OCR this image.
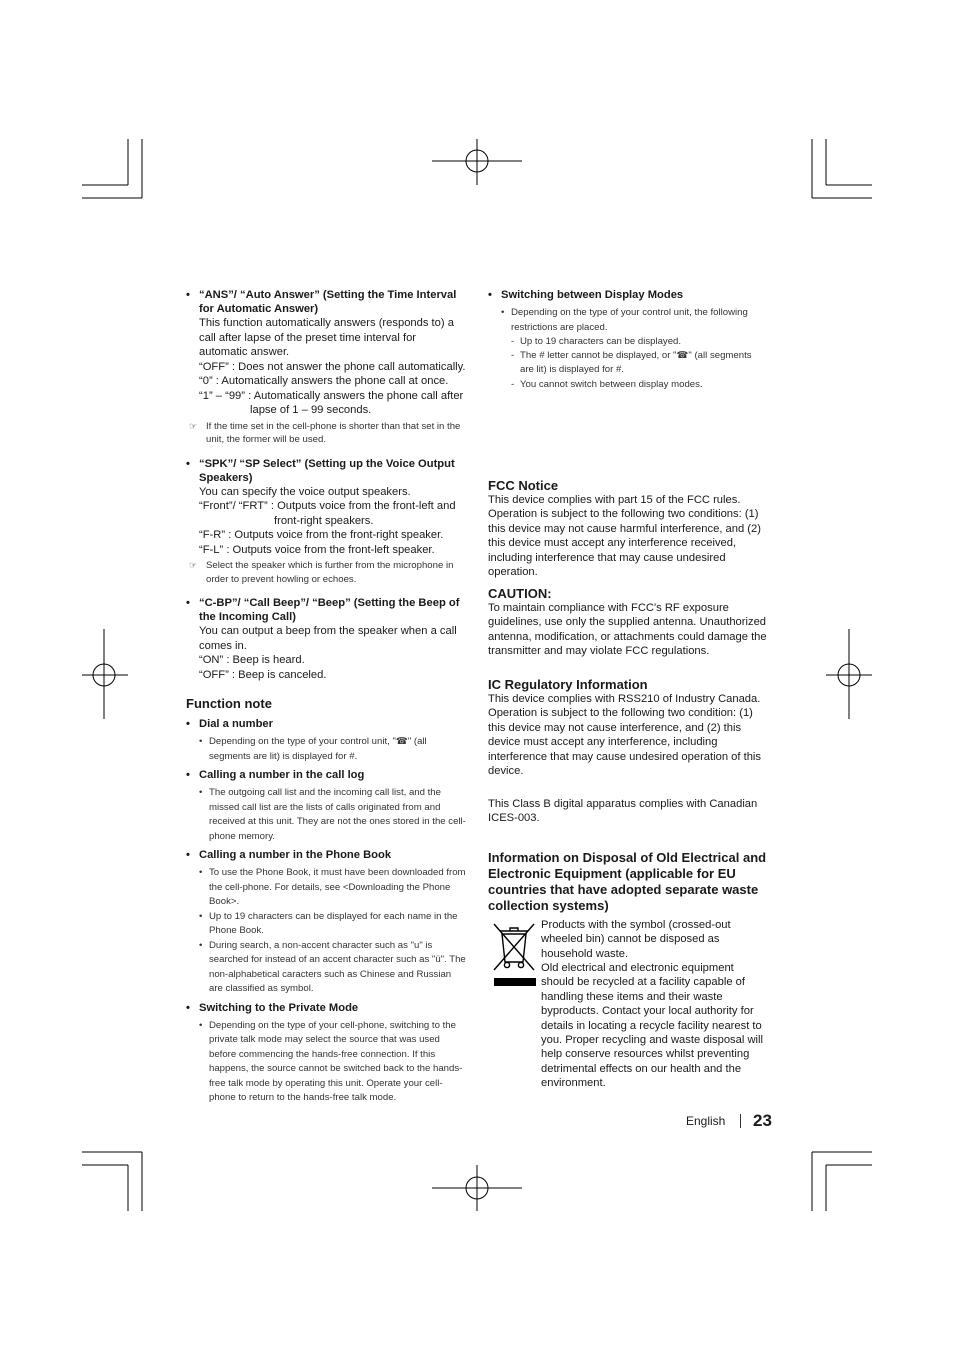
• “ANS”/ “Auto Answer” (Setting the Time Interval for Automatic Answer)
This function automatically answers (responds to) a call after lapse of the preset time interval for automatic answer.
“OFF” : Does not answer the phone call automatically.
“0” : Automatically answers the phone call at once.
“1” – “99” : Automatically answers the phone call after lapse of 1 – 99 seconds.
☞ If the time set in the cell-phone is shorter than that set in the unit, the former will be used.
• “SPK”/ “SP Select” (Setting up the Voice Output Speakers)
You can specify the voice output speakers.
“Front”/ “FRT” : Outputs voice from the front-left and front-right speakers.
“F-R” : Outputs voice from the front-right speaker.
“F-L” : Outputs voice from the front-left speaker.
☞ Select the speaker which is further from the microphone in order to prevent howling or echoes.
• “C-BP”/ “Call Beep”/ “Beep” (Setting the Beep of the Incoming Call)
You can output a beep from the speaker when a call comes in.
“ON” : Beep is heard.
“OFF” : Beep is canceled.
Function note
• Dial a number
• Depending on the type of your control unit, "☎" (all segments are lit) is displayed for #.
• Calling a number in the call log
• The outgoing call list and the incoming call list, and the missed call list are the lists of calls originated from and received at this unit. They are not the ones stored in the cell-phone memory.
• Calling a number in the Phone Book
• To use the Phone Book, it must have been downloaded from the cell-phone. For details, see <Downloading the Phone Book>.
• Up to 19 characters can be displayed for each name in the Phone Book.
• During search, a non-accent character such as "u" is searched for instead of an accent character such as "ü". The non-alphabetical caracters such as Chinese and Russian are classified as symbol.
• Switching to the Private Mode
• Depending on the type of your cell-phone, switching to the private talk mode may select the source that was used before commencing the hands-free connection. If this happens, the source cannot be switched back to the hands-free talk mode by operating this unit. Operate your cell-phone to return to the hands-free talk mode.
• Switching between Display Modes
• Depending on the type of your control unit, the following restrictions are placed.
- Up to 19 characters can be displayed.
- The # letter cannot be displayed, or "☎" (all segments are lit) is displayed for #.
- You cannot switch between display modes.
FCC Notice
This device complies with part 15 of the FCC rules. Operation is subject to the following two conditions: (1) this device may not cause harmful interference, and (2) this device must accept any interference received, including interference that may cause undesired operation.
CAUTION:
To maintain compliance with FCC's RF exposure guidelines, use only the supplied antenna. Unauthorized antenna, modification, or attachments could damage the transmitter and may violate FCC regulations.
IC Regulatory Information
This device complies with RSS210 of Industry Canada. Operation is subject to the following two condition: (1) this device may not cause interference, and (2) this device must accept any interference, including interference that may cause undesired operation of this device.
This Class B digital apparatus complies with Canadian ICES-003.
Information on Disposal of Old Electrical and Electronic Equipment (applicable for EU countries that have adopted separate waste collection systems)
Products with the symbol (crossed-out wheeled bin) cannot be disposed as household waste.
Old electrical and electronic equipment should be recycled at a facility capable of handling these items and their waste byproducts. Contact your local authority for details in locating a recycle facility nearest to you. Proper recycling and waste disposal will help conserve resources whilst preventing detrimental effects on our health and the environment.
English 23
